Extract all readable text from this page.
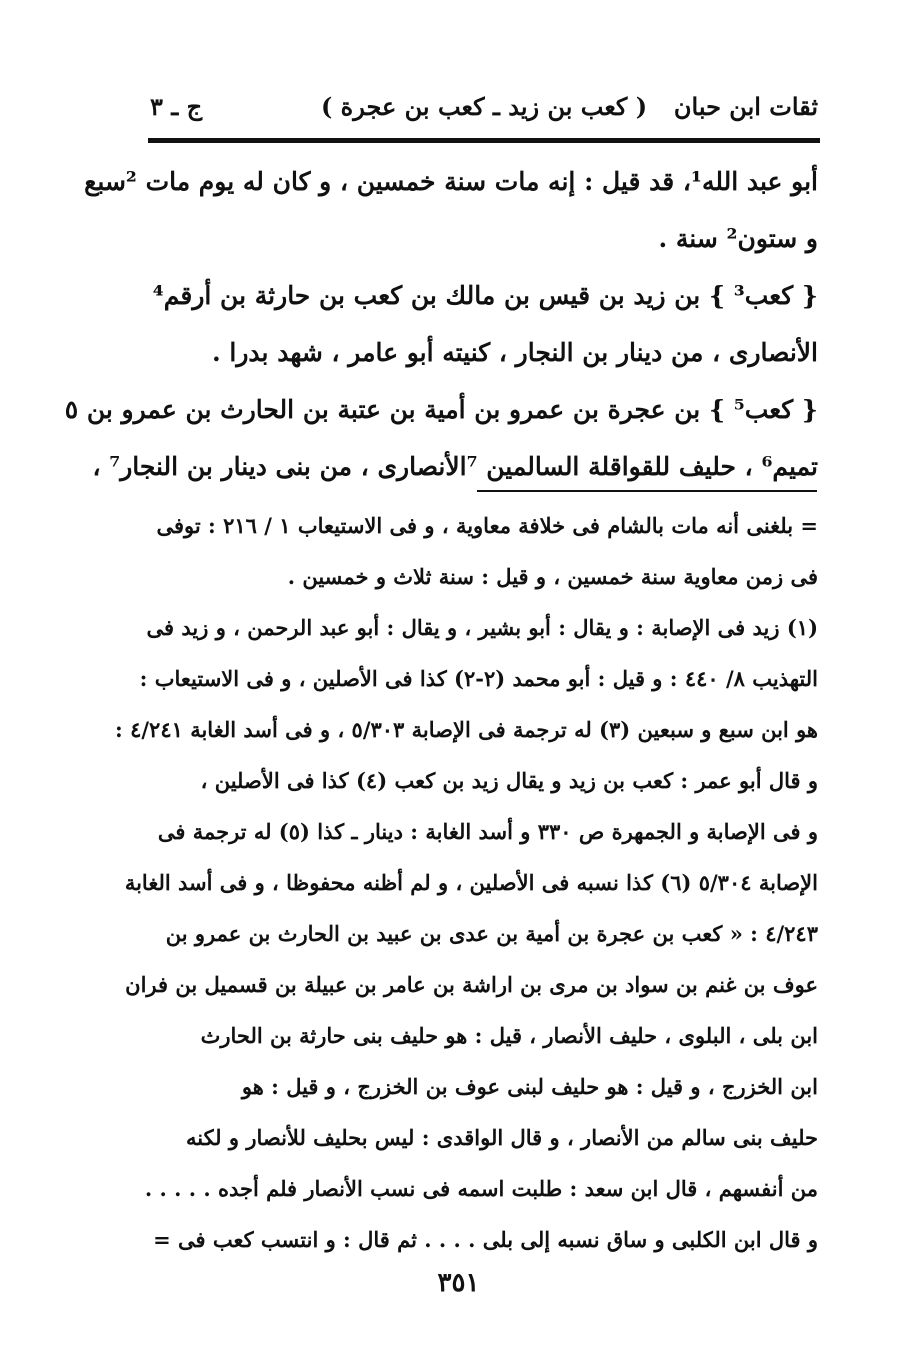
ثقات ابن حبان
( كعب بن زيد ـ كعب بن عجرة )
ج ـ ٣
أبو عبد الله¹، قد قيل : إنه مات سنة خمسين ، و كان له يوم مات ²سبع
و ستون² سنة .
{ كعب³ } بن زيد بن قيس بن مالك بن كعب بن حارثة بن أرقم⁴
الأنصاری ، من دينار بن النجار ، كنيته أبو عامر ، شهد بدرا .
{ كعب⁵ } بن عجرة بن عمرو بن أمية بن عتبة بن الحارث بن عمرو بن ٥
تميم⁶ ، حليف للقواقلة السالمين ⁷الأنصاری ، من بنی دينار بن النجار⁷ ،
= بلغنی أنه مات بالشام فی خلافة معاوية ، و فی الاستيعاب ١ / ٢١٦ : توفی
فی زمن معاوية سنة خمسين ، و قيل : سنة ثلاث و خمسين .
(١) زيد فی الإصابة : و يقال : أبو بشير ، و يقال : أبو عبد الرحمن ، و زيد فی
التهذيب ٨/ ٤٤٠ : و قيل : أبو محمد (٢-٢) كذا فی الأصلين ، و فی الاستيعاب :
هو ابن سبع و سبعين (٣) له ترجمة فی الإصابة ٥/٣٠٣ ، و فی أسد الغابة ٤/٢٤١ :
و قال أبو عمر : كعب بن زيد و يقال زيد بن كعب (٤) كذا فی الأصلين ،
و فی الإصابة و الجمهرة ص ٣٣٠ و أسد الغابة : دينار ـ كذا (٥) له ترجمة فی
الإصابة ٥/٣٠٤ (٦) كذا نسبه فی الأصلين ، و لم أظنه محفوظا ، و فی أسد الغابة
٤/٢٤٣ : « كعب بن عجرة بن أمية بن عدی بن عبيد بن الحارث بن عمرو بن
عوف بن غنم بن سواد بن مری بن اراشة بن عامر بن عبيلة بن قسميل بن فران
ابن بلی ، البلوی ، حليف الأنصار ، قيل : هو حليف بنی حارثة بن الحارث
ابن الخزرج ، و قيل : هو حليف لبنی عوف بن الخزرج ، و قيل : هو
حليف بنی سالم من الأنصار ، و قال الواقدی : ليس بحليف للأنصار و لكنه
من أنفسهم ، قال ابن سعد : طلبت اسمه فی نسب الأنصار فلم أجده . . . . .
و قال ابن الكلبی و ساق نسبه إلی بلی . . . . ثم قال : و انتسب كعب فی =
٣٥١
